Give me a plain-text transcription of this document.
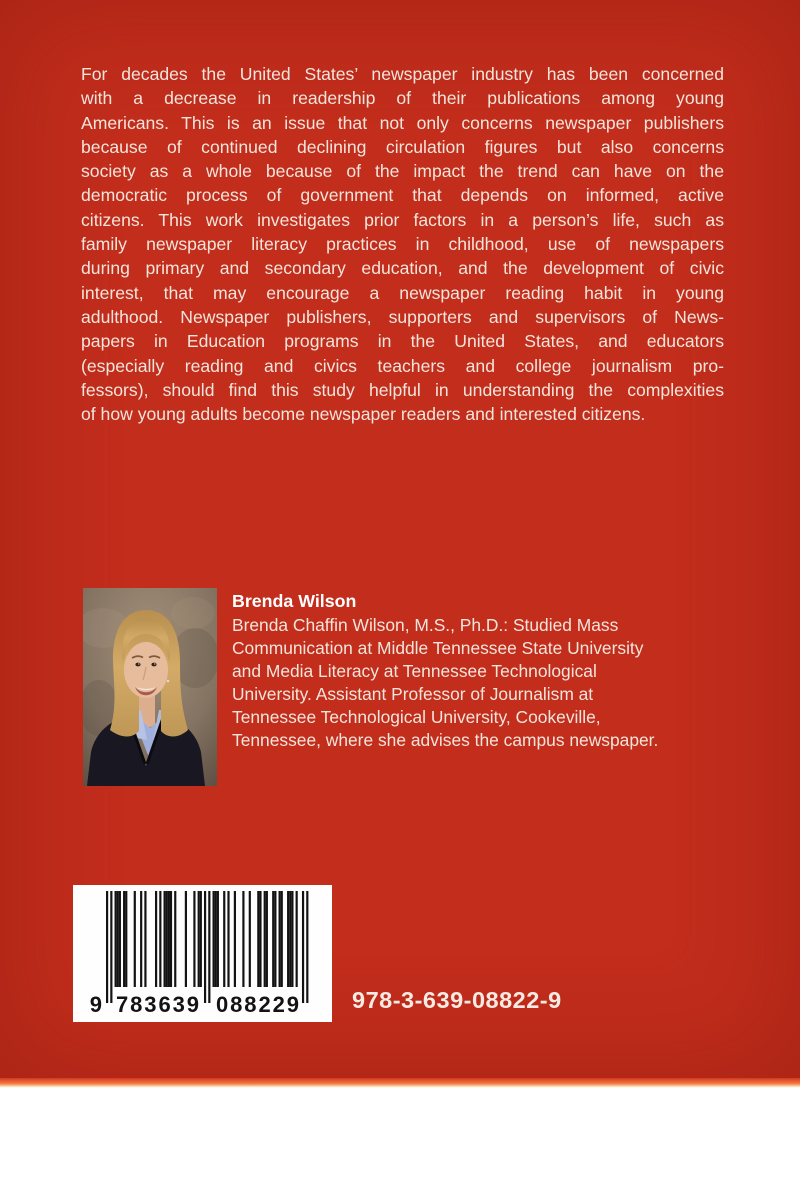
For decades the United States’ newspaper industry has been concerned
with a decrease in readership of their publications among young
Americans. This is an issue that not only concerns newspaper publishers
because of continued declining circulation figures but also concerns
society as a whole because of the impact the trend can have on the
democratic process of government that depends on informed, active
citizens. This work investigates prior factors in a person’s life, such as
family newspaper literacy practices in childhood, use of newspapers
during primary and secondary education, and the development of civic
interest, that may encourage a newspaper reading habit in young
adulthood. Newspaper publishers, supporters and supervisors of News-
papers in Education programs in the United States, and educators
(especially reading and civics teachers and college journalism pro-
fessors), should find this study helpful in understanding the complexities
of how young adults become newspaper readers and interested citizens.
Brenda Wilson
Brenda Chaffin Wilson, M.S., Ph.D.: Studied Mass
Communication at Middle Tennessee State University
and Media Literacy at Tennessee Technological
University. Assistant Professor of Journalism at
Tennessee Technological University, Cookeville,
Tennessee, where she advises the campus newspaper.
9 783639 088229 978-3-639-08822-9
